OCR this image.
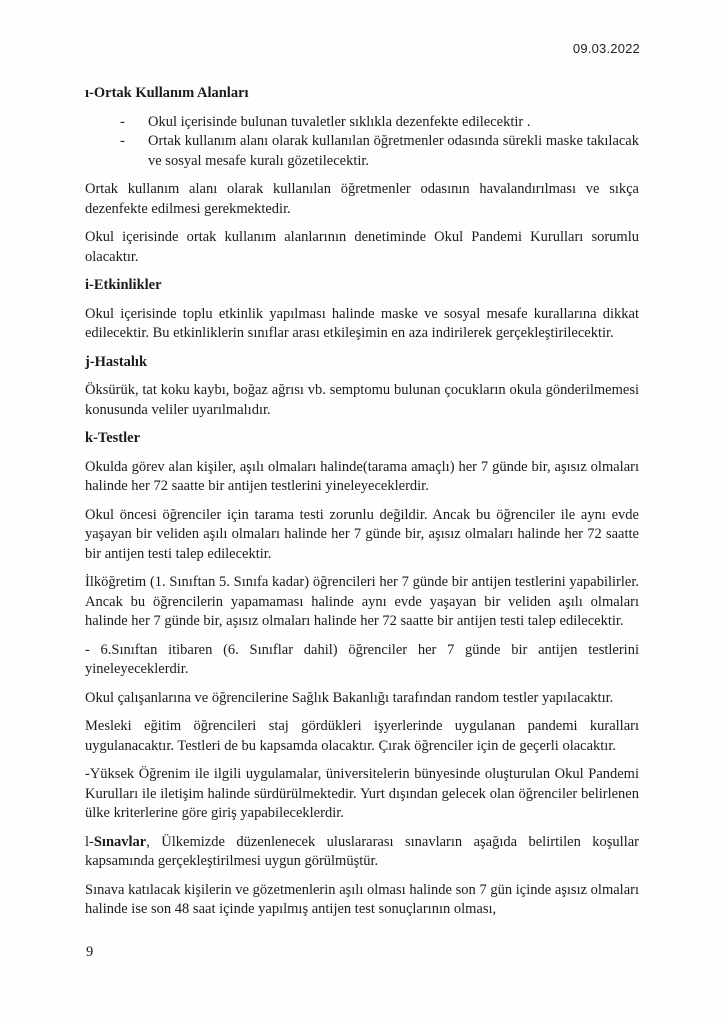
09.03.2022
ı-Ortak Kullanım Alanları
-	Okul içerisinde bulunan tuvaletler sıklıkla dezenfekte edilecektir .
-	Ortak kullanım alanı olarak kullanılan öğretmenler odasında sürekli maske takılacak ve sosyal mesafe kuralı gözetilecektir.

Ortak kullanım alanı olarak kullanılan öğretmenler odasının havalandırılması ve sıkça dezenfekte edilmesi gerekmektedir.

Okul içerisinde ortak kullanım alanlarının denetiminde Okul Pandemi Kurulları sorumlu olacaktır.

i-Etkinlikler

Okul içerisinde toplu etkinlik yapılması halinde maske ve sosyal mesafe kurallarına dikkat edilecektir. Bu etkinliklerin sınıflar arası etkileşimin en aza indirilerek gerçekleştirilecektir.

j-Hastalık

Öksürük, tat koku kaybı, boğaz ağrısı vb. semptomu bulunan çocukların okula gönderilmemesi konusunda veliler uyarılmalıdır.

k-Testler

Okulda görev alan kişiler, aşılı olmaları halinde(tarama amaçlı) her 7 günde bir, aşısız olmaları halinde her 72 saatte bir antijen testlerini yineleyeceklerdir.

Okul öncesi öğrenciler için tarama testi zorunlu değildir. Ancak bu öğrenciler ile aynı evde yaşayan bir veliden aşılı olmaları halinde her 7 günde bir, aşısız olmaları halinde her 72 saatte bir antijen testi talep edilecektir.

İlköğretim (1. Sınıftan 5. Sınıfa kadar) öğrencileri her 7 günde bir antijen testlerini yapabilirler. Ancak bu öğrencilerin yapamaması halinde aynı evde yaşayan bir veliden aşılı olmaları halinde her 7 günde bir, aşısız olmaları halinde her 72 saatte bir antijen testi talep edilecektir.

- 6.Sınıftan itibaren (6. Sınıflar dahil) öğrenciler her 7 günde bir antijen testlerini yineleyeceklerdir.

Okul çalışanlarına ve öğrencilerine Sağlık Bakanlığı tarafından random testler yapılacaktır.

Mesleki eğitim öğrencileri staj gördükleri işyerlerinde uygulanan pandemi kuralları uygulanacaktır. Testleri de bu kapsamda olacaktır. Çırak öğrenciler için de geçerli olacaktır.

-Yüksek Öğrenim ile ilgili uygulamalar, üniversitelerin bünyesinde oluşturulan Okul Pandemi Kurulları ile iletişim halinde sürdürülmektedir. Yurt dışından gelecek olan öğrenciler belirlenen ülke kriterlerine göre giriş yapabileceklerdir.

l-Sınavlar, Ülkemizde düzenlenecek uluslararası sınavların aşağıda belirtilen koşullar kapsamında gerçekleştirilmesi uygun görülmüştür.

Sınava katılacak kişilerin ve gözetmenlerin aşılı olması halinde son 7 gün içinde aşısız olmaları halinde ise son 48 saat içinde yapılmış antijen test sonuçlarının olması,

9
